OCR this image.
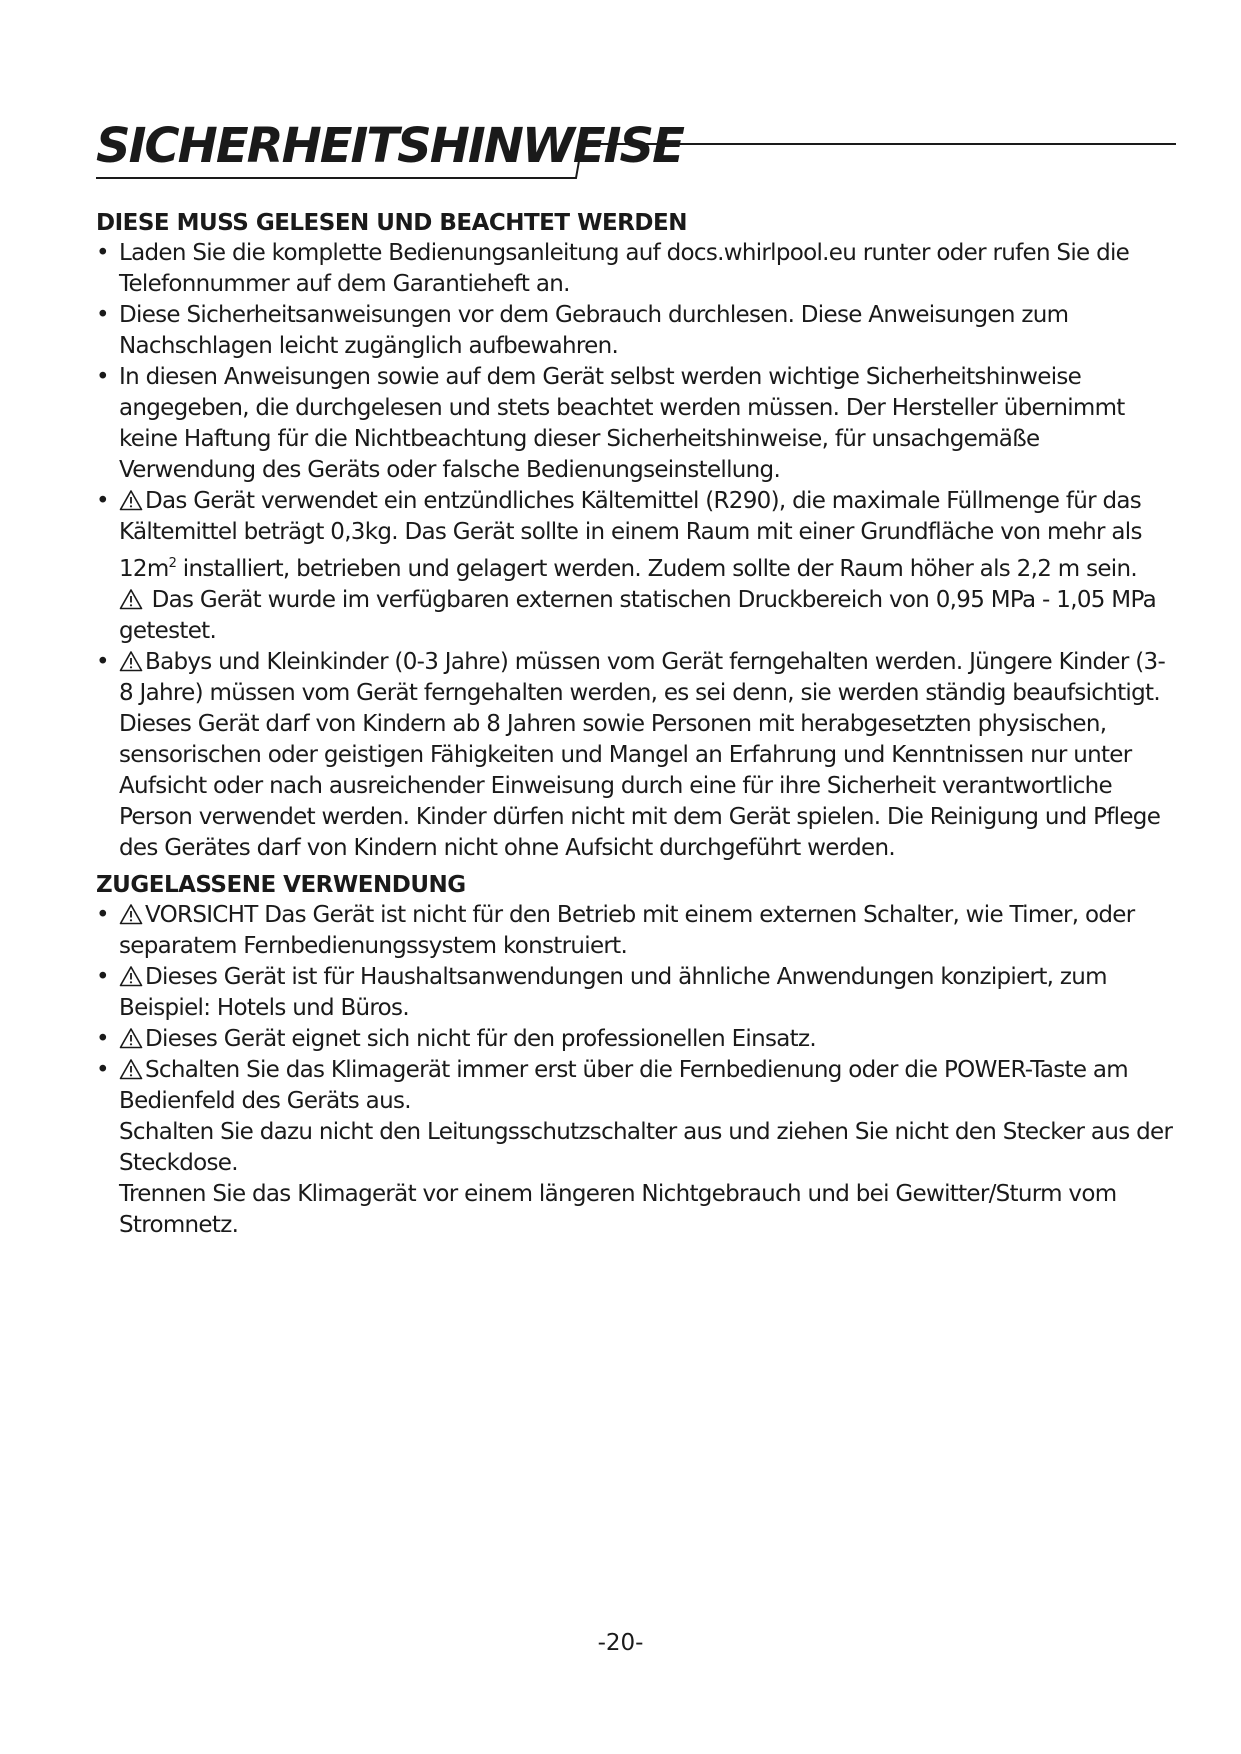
SICHERHEITSHINWEISE
DIESE MUSS GELESEN UND BEACHTET WERDEN
• Laden Sie die komplette Bedienungsanleitung auf docs.whirlpool.eu runter oder rufen Sie die Telefonnummer auf dem Garantieheft an.
• Diese Sicherheitsanweisungen vor dem Gebrauch durchlesen. Diese Anweisungen zum Nachschlagen leicht zugänglich aufbewahren.
• In diesen Anweisungen sowie auf dem Gerät selbst werden wichtige Sicherheitshinweise angegeben, die durchgelesen und stets beachtet werden müssen. Der Hersteller übernimmt keine Haftung für die Nichtbeachtung dieser Sicherheitshinweise, für unsachgemäße Verwendung des Geräts oder falsche Bedienungseinstellung.
• Das Gerät verwendet ein entzündliches Kältemittel (R290), die maximale Füllmenge für das Kältemittel beträgt 0,3kg. Das Gerät sollte in einem Raum mit einer Grundfläche von mehr als $12m^2$ installiert, betrieben und gelagert werden. Zudem sollte der Raum höher als 2,2 m sein.
Das Gerät wurde im verfügbaren externen statischen Druckbereich von 0,95 MPa - 1,05 MPa getestet.
• Babys und Kleinkinder (0-3 Jahre) müssen vom Gerät ferngehalten werden. Jüngere Kinder (3-8 Jahre) müssen vom Gerät ferngehalten werden, es sei denn, sie werden ständig beaufsichtigt. Dieses Gerät darf von Kindern ab 8 Jahren sowie Personen mit herabgesetzten physischen, sensorischen oder geistigen Fähigkeiten und Mangel an Erfahrung und Kenntnissen nur unter Aufsicht oder nach ausreichender Einweisung durch eine für ihre Sicherheit verantwortliche Person verwendet werden. Kinder dürfen nicht mit dem Gerät spielen. Die Reinigung und Pflege des Gerätes darf von Kindern nicht ohne Aufsicht durchgeführt werden.
ZUGELASSENE VERWENDUNG
• VORSICHT Das Gerät ist nicht für den Betrieb mit einem externen Schalter, wie Timer, oder separatem Fernbedienungssystem konstruiert.
• Dieses Gerät ist für Haushaltsanwendungen und ähnliche Anwendungen konzipiert, zum Beispiel: Hotels und Büros.
• Dieses Gerät eignet sich nicht für den professionellen Einsatz.
• Schalten Sie das Klimagerät immer erst über die Fernbedienung oder die POWER-Taste am Bedienfeld des Geräts aus.
Schalten Sie dazu nicht den Leitungsschutzschalter aus und ziehen Sie nicht den Stecker aus der Steckdose.
Trennen Sie das Klimagerät vor einem längeren Nichtgebrauch und bei Gewitter/Sturm vom Stromnetz.
-20-
